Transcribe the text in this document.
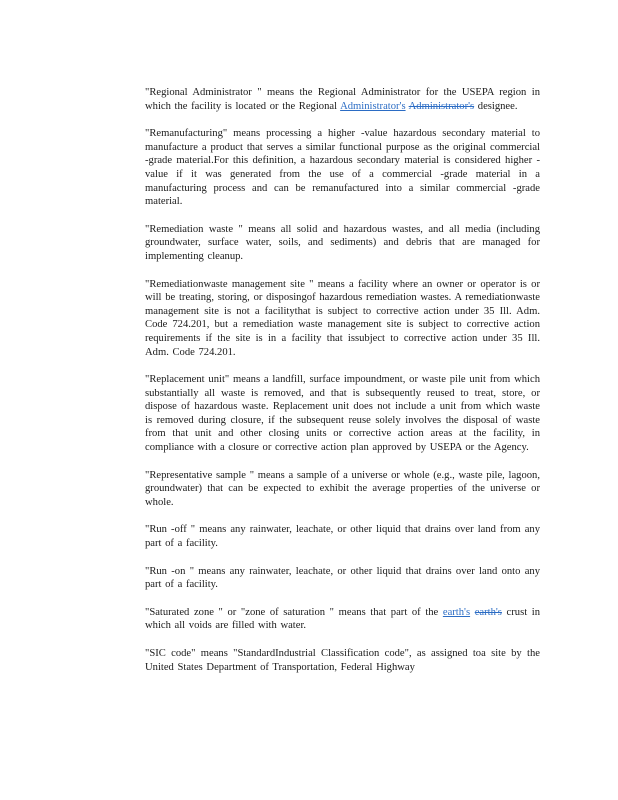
"Regional Administrator " means the Regional Administrator for the USEPA region in which the facility is located or the Regional Administrator's Administrator's designee.

"Remanufacturing" means processing a higher -value hazardous secondary material to manufacture a product that serves a similar functional purpose as the original commercial -grade material.For this definition, a hazardous secondary material is considered higher -value if it was generated from the use of a commercial -grade material in a manufacturing process and can be remanufactured into a similar commercial -grade material.

"Remediation waste " means all solid and hazardous wastes, and all media (including groundwater, surface water, soils, and sediments) and debris that are managed for implementing cleanup.

"Remediationwaste management site " means a facility where an owner or operator is or will be treating, storing, or disposingof hazardous remediation wastes. A remediationwaste management site is not a facilitythat is subject to corrective action under 35 Ill. Adm. Code 724.201, but a remediation waste management site is subject to corrective action requirements if the site is in a facility that issubject to corrective action under 35 Ill. Adm. Code 724.201.

"Replacement unit" means a landfill, surface impoundment, or waste pile unit from which substantially all waste is removed, and that is subsequently reused to treat, store, or dispose of hazardous waste. Replacement unit does not include a unit from which waste is removed during closure, if the subsequent reuse solely involves the disposal of waste from that unit and other closing units or corrective action areas at the facility, in compliance with a closure or corrective action plan approved by USEPA or the Agency.

"Representative sample " means a sample of a universe or whole (e.g., waste pile, lagoon, groundwater) that can be expected to exhibit the average properties of the universe or whole.

"Run -off " means any rainwater, leachate, or other liquid that drains over land from any part of a facility.

"Run -on " means any rainwater, leachate, or other liquid that drains over land onto any part of a facility.

"Saturated zone " or "zone of saturation " means that part of the earth's earth's crust in which all voids are filled with water.

"SIC code" means "StandardIndustrial Classification code", as assigned toa site by the United States Department of Transportation, Federal Highway
